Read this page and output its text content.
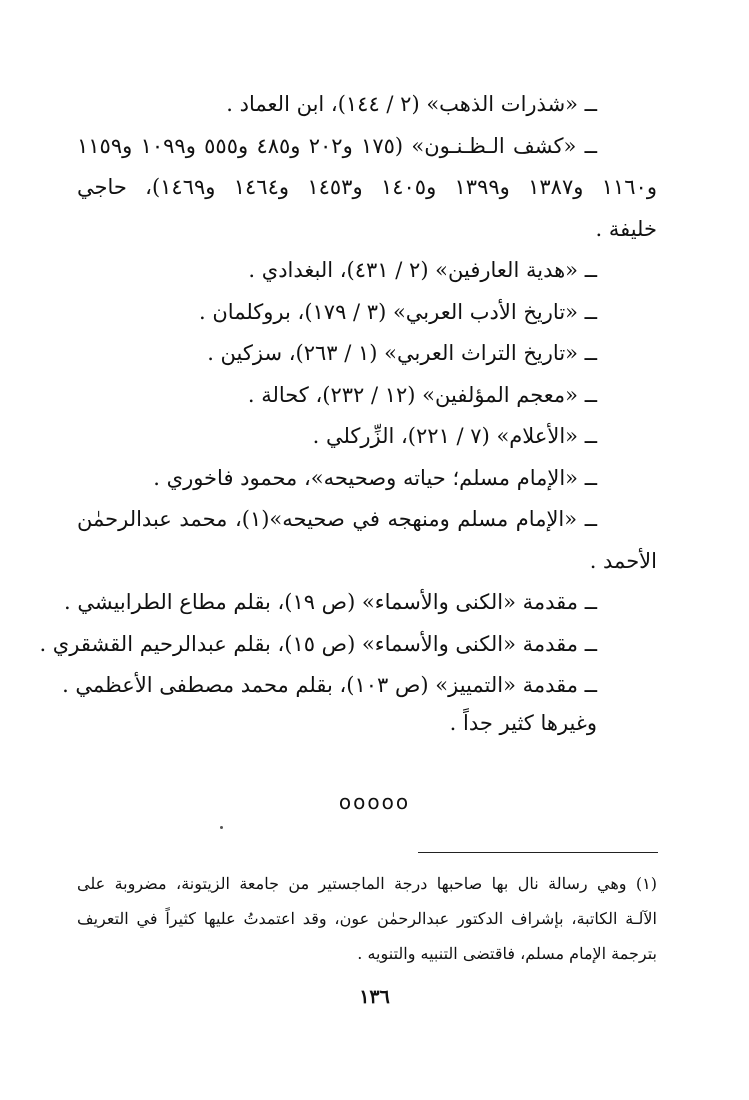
ــ «شذرات الذهب» (٢ / ١٤٤)، ابن العماد .
ــ «كشف الـظـنـون» (١٧٥ و٢٠٢ و٤٨٥ و٥٥٥ و١٠٩٩ و١١٥٩
و١١٦٠ و١٣٨٧ و١٣٩٩ و١٤٠٥ و١٤٥٣ و١٤٦٤ و١٤٦٩)، حاجي
خليفة .
ــ «هدية العارفين» (٢ / ٤٣١)، البغدادي .
ــ «تاريخ الأدب العربي» (٣ / ١٧٩)، بروكلمان .
ــ «تاريخ التراث العربي» (١ / ٢٦٣)، سزكين .
ــ «معجم المؤلفين» (١٢ / ٢٣٢)، كحالة .
ــ «الأعلام» (٧ / ٢٢١)، الزِّركلي .
ــ «الإمام مسلم؛ حياته وصحيحه»، محمود فاخوري .
ــ «الإمام مسلم ومنهجه في صحيحه»(١)، محمد عبدالرحمٰن
الأحمد .
ــ مقدمة «الكنى والأسماء» (ص ١٩)، بقلم مطاع الطرابيشي .
ــ مقدمة «الكنى والأسماء» (ص ١٥)، بقلم عبدالرحيم القشقري .
ــ مقدمة «التمييز» (ص ١٠٣)، بقلم محمد مصطفى الأعظمي .
وغيرها كثير جداً .
ooooo
(١) وهي رسالة نال بها صاحبها درجة الماجستير من جامعة الزيتونة، مضروبة على
الآلـة الكاتبة، بإشراف الدكتور عبدالرحمٰن عون، وقد اعتمدتُ عليها كثيراً في التعريف
بترجمة الإمام مسلم، فاقتضى التنبيه والتنويه .
١٣٦
